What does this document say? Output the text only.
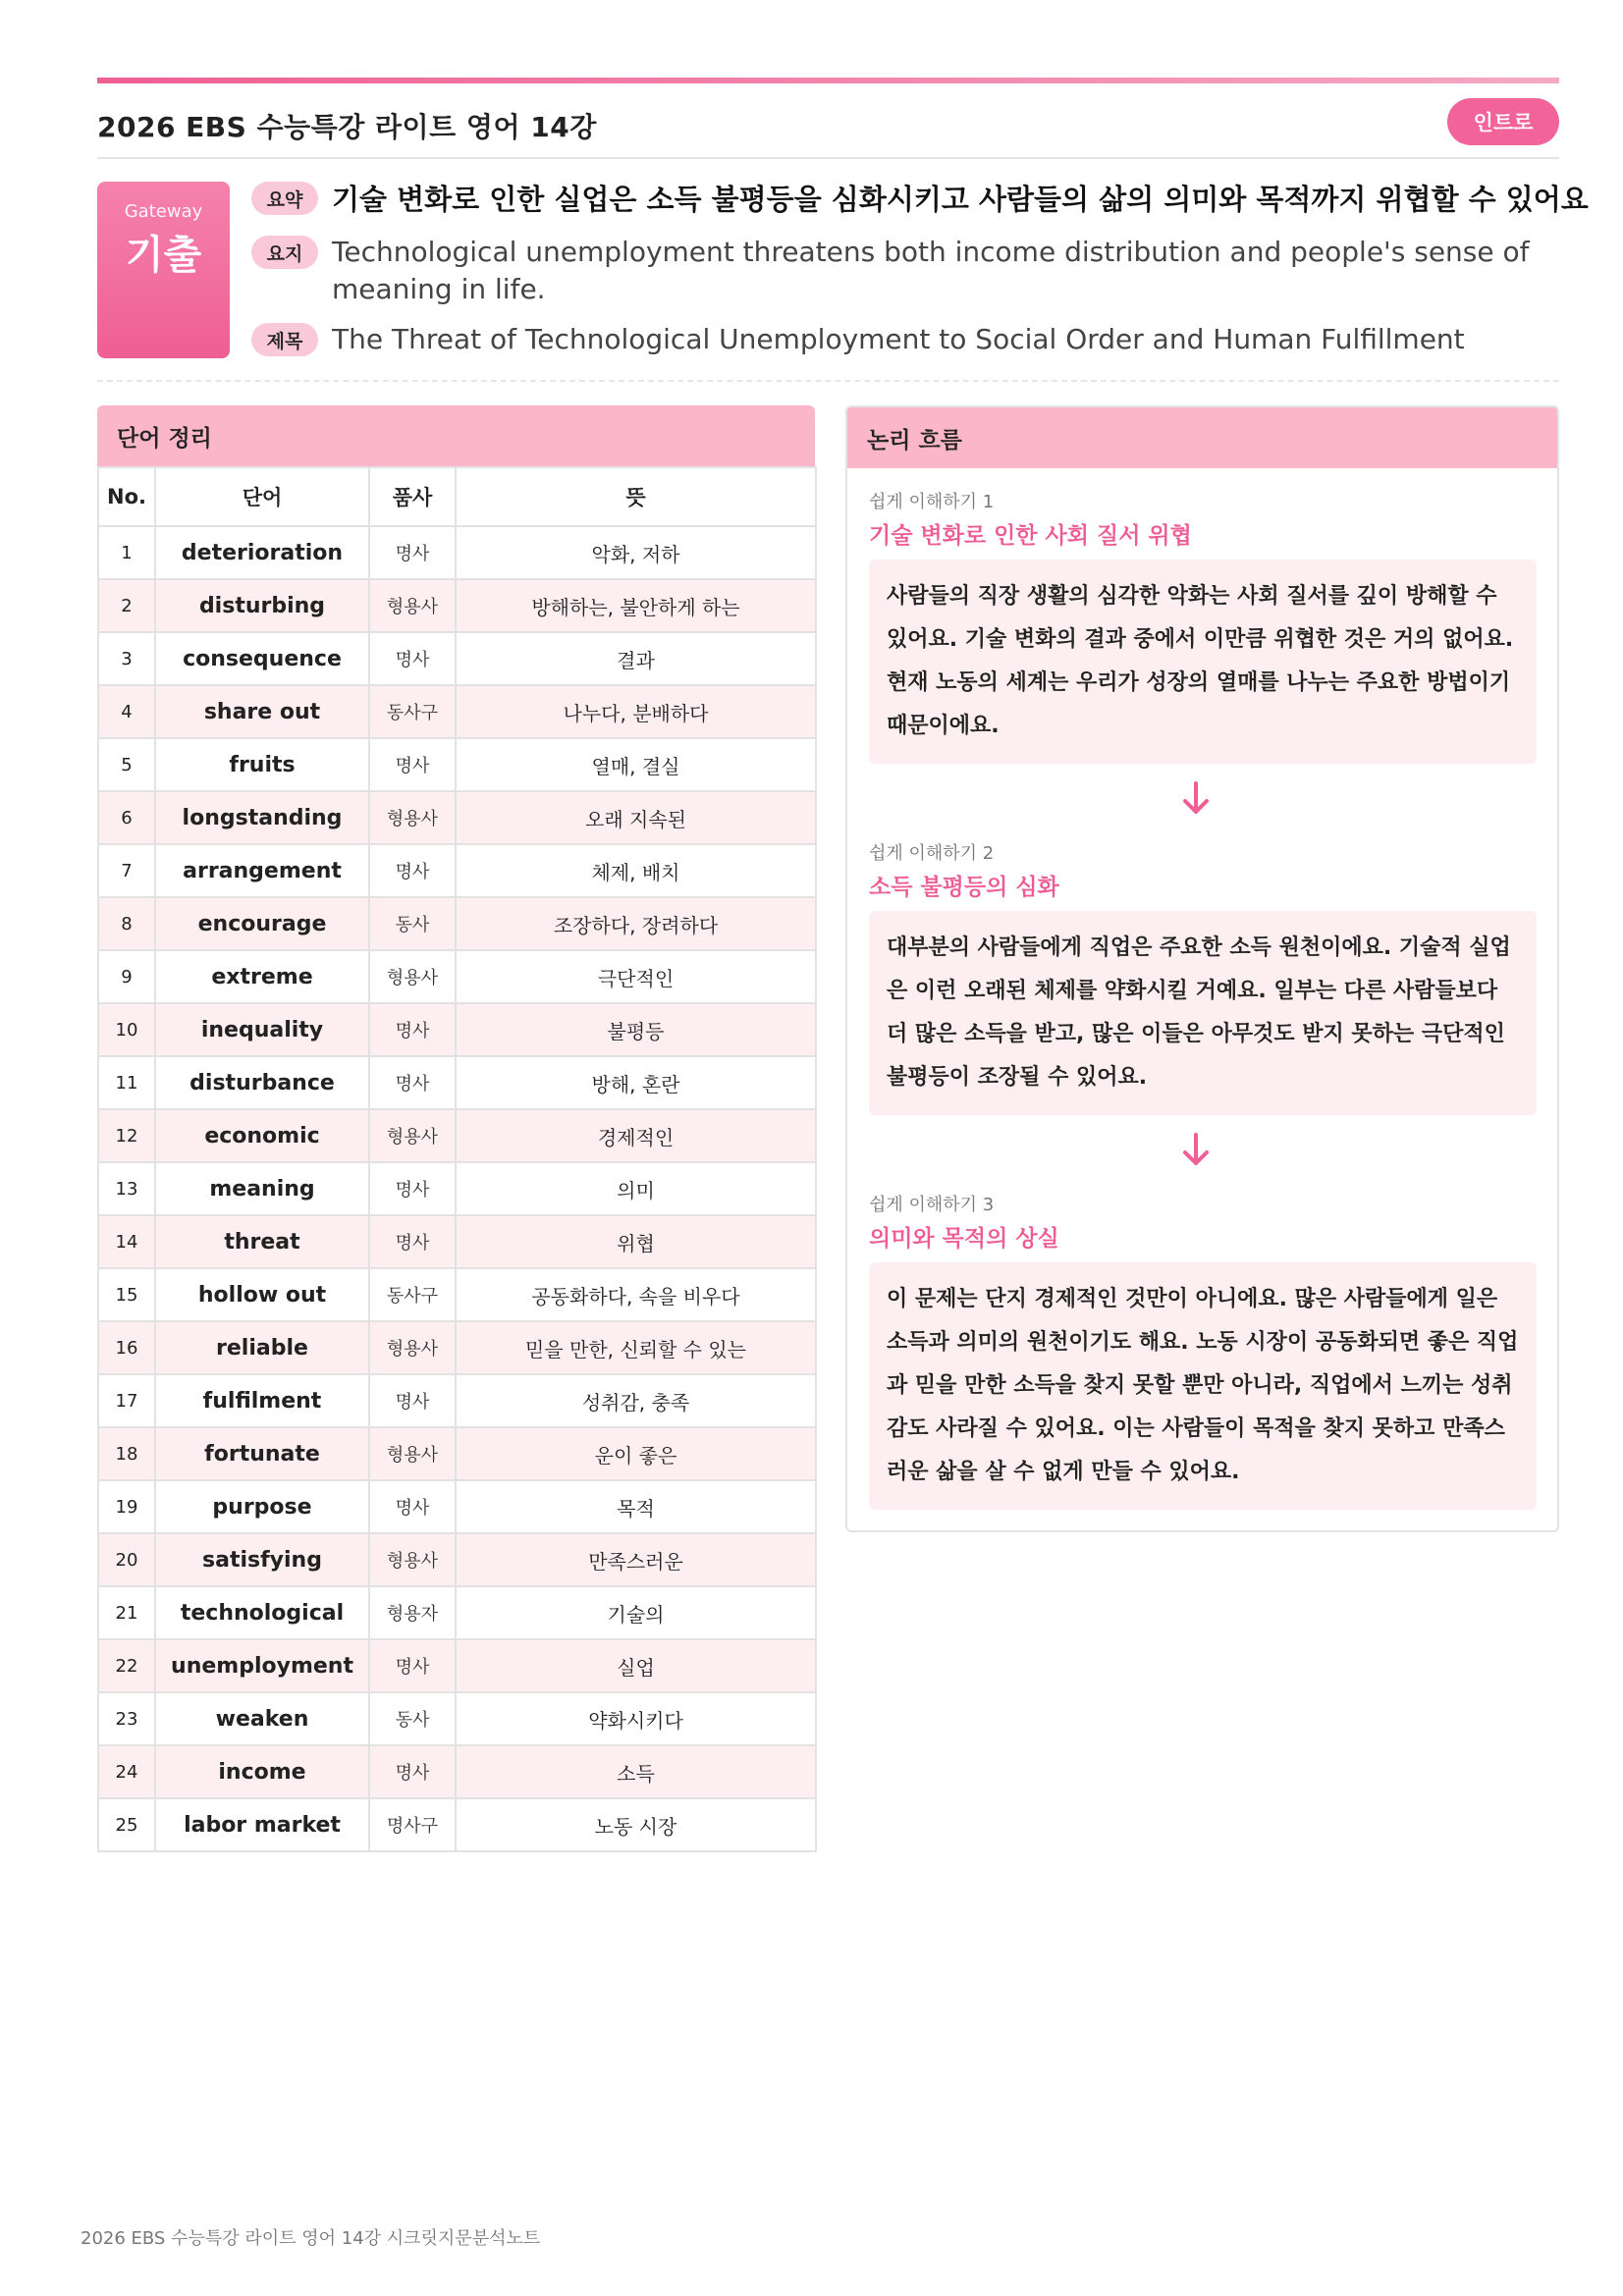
2026 EBS 수능특강 라이트 영어 14강	인트로
Gateway
기출
요약	기술 변화로 인한 실업은 소득 불평등을 심화시키고 사람들의 삶의 의미와 목적까지 위협할 수 있어요
요지	Technological unemployment threatens both income distribution and people's sense of meaning in life.
제목	The Threat of Technological Unemployment to Social Order and Human Fulfillment
단어 정리
No.	단어	품사	뜻
1	deterioration	명사	악화, 저하
2	disturbing	형용사	방해하는, 불안하게 하는
3	consequence	명사	결과
4	share out	동사구	나누다, 분배하다
5	fruits	명사	열매, 결실
6	longstanding	형용사	오래 지속된
7	arrangement	명사	체제, 배치
8	encourage	동사	조장하다, 장려하다
9	extreme	형용사	극단적인
10	inequality	명사	불평등
11	disturbance	명사	방해, 혼란
12	economic	형용사	경제적인
13	meaning	명사	의미
14	threat	명사	위협
15	hollow out	동사구	공동화하다, 속을 비우다
16	reliable	형용사	믿을 만한, 신뢰할 수 있는
17	fulfilment	명사	성취감, 충족
18	fortunate	형용사	운이 좋은
19	purpose	명사	목적
20	satisfying	형용사	만족스러운
21	technological	형용자	기술의
22	unemployment	명사	실업
23	weaken	동사	약화시키다
24	income	명사	소득
25	labor market	명사구	노동 시장
논리 흐름
쉽게 이해하기 1
기술 변화로 인한 사회 질서 위협
사람들의 직장 생활의 심각한 악화는 사회 질서를 깊이 방해할 수 있어요. 기술 변화의 결과 중에서 이만큼 위협한 것은 거의 없어요. 현재 노동의 세계는 우리가 성장의 열매를 나누는 주요한 방법이기 때문이에요.
쉽게 이해하기 2
소득 불평등의 심화
대부분의 사람들에게 직업은 주요한 소득 원천이에요. 기술적 실업은 이런 오래된 체제를 약화시킬 거예요. 일부는 다른 사람들보다 더 많은 소득을 받고, 많은 이들은 아무것도 받지 못하는 극단적인 불평등이 조장될 수 있어요.
쉽게 이해하기 3
의미와 목적의 상실
이 문제는 단지 경제적인 것만이 아니에요. 많은 사람들에게 일은 소득과 의미의 원천이기도 해요. 노동 시장이 공동화되면 좋은 직업과 믿을 만한 소득을 찾지 못할 뿐만 아니라, 직업에서 느끼는 성취감도 사라질 수 있어요. 이는 사람들이 목적을 찾지 못하고 만족스러운 삶을 살 수 없게 만들 수 있어요.
2026 EBS 수능특강 라이트 영어 14강 시크릿지문분석노트
